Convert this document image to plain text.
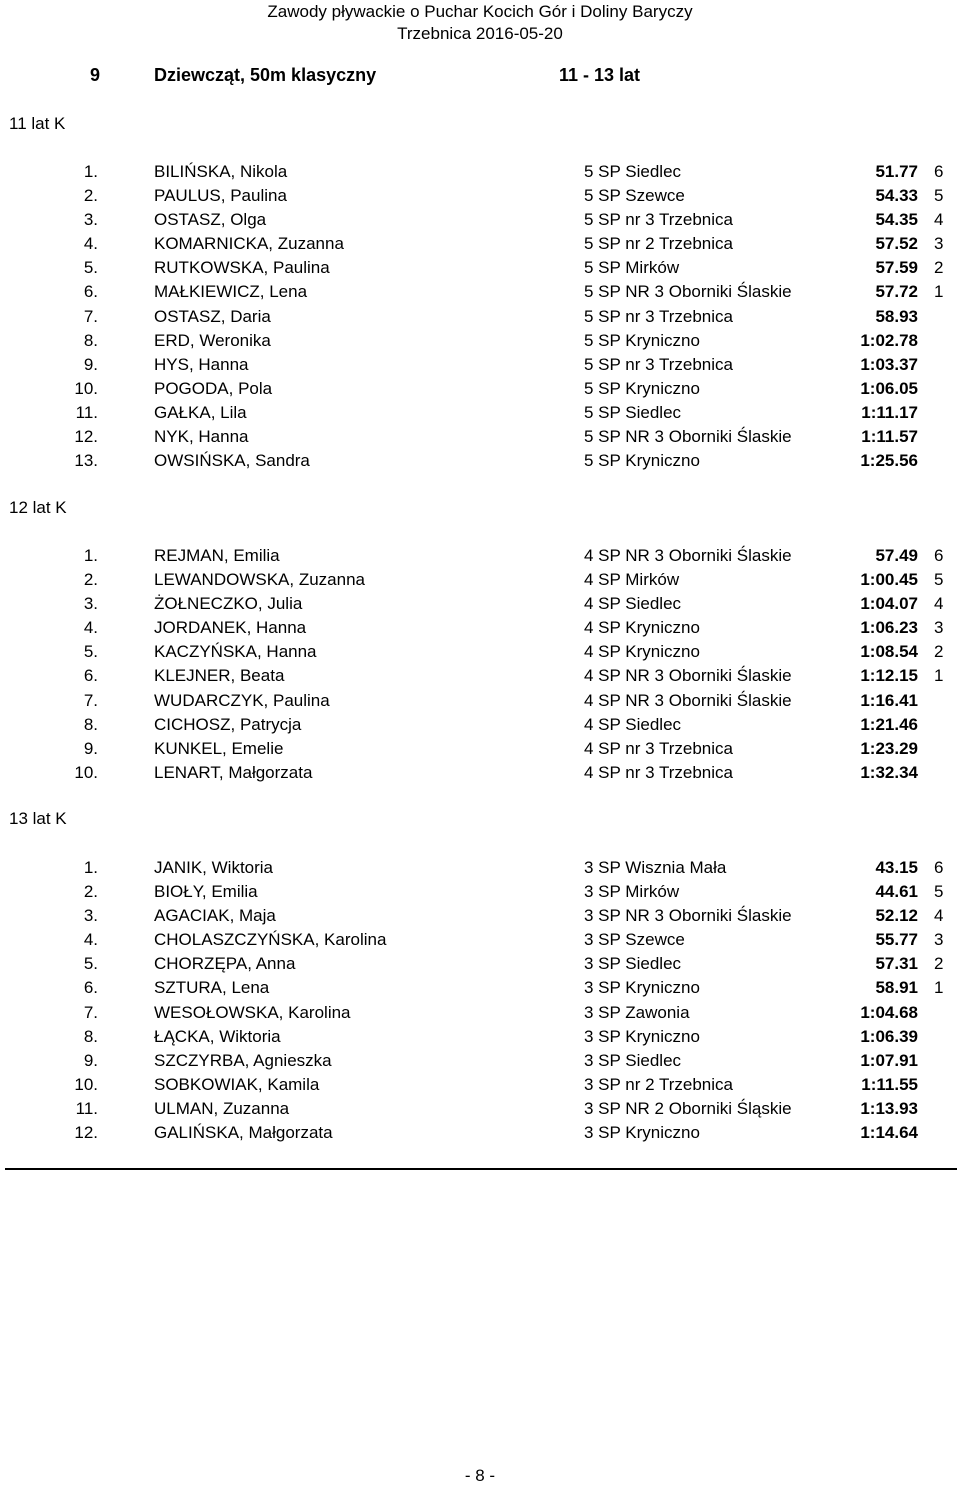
Zawody pływackie o Puchar Kocich Gór i Doliny Baryczy
Trzebnica 2016-05-20
9	Dziewcząt, 50m klasyczny	11 - 13 lat
11 lat K
1.	BILIŃSKA, Nikola	5 SP Siedlec	51.77 6
2.	PAULUS, Paulina	5 SP Szewce	54.33 5
3.	OSTASZ, Olga	5 SP nr 3 Trzebnica	54.35 4
4.	KOMARNICKA, Zuzanna	5 SP nr 2 Trzebnica	57.52 3
5.	RUTKOWSKA, Paulina	5 SP Mirków	57.59 2
6.	MAŁKIEWICZ, Lena	5 SP NR 3 Oborniki Ślaskie	57.72 1
7.	OSTASZ, Daria	5 SP nr 3 Trzebnica	58.93
8.	ERD, Weronika	5 SP Kryniczno	1:02.78
9.	HYS, Hanna	5 SP nr 3 Trzebnica	1:03.37
10.	POGODA, Pola	5 SP Kryniczno	1:06.05
11.	GAŁKA, Lila	5 SP Siedlec	1:11.17
12.	NYK, Hanna	5 SP NR 3 Oborniki Ślaskie	1:11.57
13.	OWSIŃSKA, Sandra	5 SP Kryniczno	1:25.56
12 lat K
1.	REJMAN, Emilia	4 SP NR 3 Oborniki Ślaskie	57.49 6
2.	LEWANDOWSKA, Zuzanna	4 SP Mirków	1:00.45 5
3.	ŻOŁNECZKO, Julia	4 SP Siedlec	1:04.07 4
4.	JORDANEK, Hanna	4 SP Kryniczno	1:06.23 3
5.	KACZYŃSKA, Hanna	4 SP Kryniczno	1:08.54 2
6.	KLEJNER, Beata	4 SP NR 3 Oborniki Ślaskie	1:12.15 1
7.	WUDARCZYK, Paulina	4 SP NR 3 Oborniki Ślaskie	1:16.41
8.	CICHOSZ, Patrycja	4 SP Siedlec	1:21.46
9.	KUNKEL, Emelie	4 SP nr 3 Trzebnica	1:23.29
10.	LENART, Małgorzata	4 SP nr 3 Trzebnica	1:32.34
13 lat K
1.	JANIK, Wiktoria	3 SP Wisznia Mała	43.15 6
2.	BIOŁY, Emilia	3 SP Mirków	44.61 5
3.	AGACIAK, Maja	3 SP NR 3 Oborniki Ślaskie	52.12 4
4.	CHOLASZCZYŃSKA, Karolina	3 SP Szewce	55.77 3
5.	CHORZĘPA, Anna	3 SP Siedlec	57.31 2
6.	SZTURA, Lena	3 SP Kryniczno	58.91 1
7.	WESOŁOWSKA, Karolina	3 SP Zawonia	1:04.68
8.	ŁĄCKA, Wiktoria	3 SP Kryniczno	1:06.39
9.	SZCZYRBA, Agnieszka	3 SP Siedlec	1:07.91
10.	SOBKOWIAK, Kamila	3 SP nr 2 Trzebnica	1:11.55
11.	ULMAN, Zuzanna	3 SP NR 2 Oborniki Śląskie	1:13.93
12.	GALIŃSKA, Małgorzata	3 SP Kryniczno	1:14.64
- 8 -
